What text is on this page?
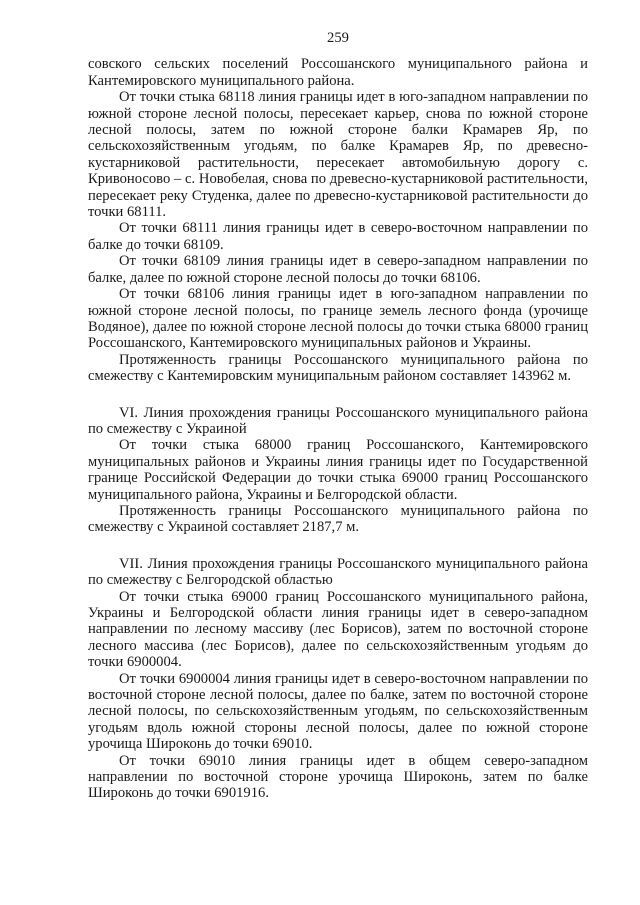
259

совского сельских поселений Россошанского муниципального района и Кантемировского муниципального района.

От точки стыка 68118 линия границы идет в юго-западном направлении по южной стороне лесной полосы, пересекает карьер, снова по южной стороне лесной полосы, затем по южной стороне балки Крамарев Яр, по сельскохозяйственным угодьям, по балке Крамарев Яр, по древесно-кустарниковой растительности, пересекает автомобильную дорогу с. Кривоносово – с. Новобелая, снова по древесно-кустарниковой растительности, пересекает реку Студенка, далее по древесно-кустарниковой растительности до точки 68111.

От точки 68111 линия границы идет в северо-восточном направлении по балке до точки 68109.

От точки 68109 линия границы идет в северо-западном направлении по балке, далее по южной стороне лесной полосы до точки 68106.

От точки 68106 линия границы идет в юго-западном направлении по южной стороне лесной полосы, по границе земель лесного фонда (урочище Водяное), далее по южной стороне лесной полосы до точки стыка 68000 границ Россошанского, Кантемировского муниципальных районов и Украины.

Протяженность границы Россошанского муниципального района по смежеству с Кантемировским муниципальным районом составляет 143962 м.

VI. Линия прохождения границы Россошанского муниципального района по смежеству с Украиной

От точки стыка 68000 границ Россошанского, Кантемировского муниципальных районов и Украины линия границы идет по Государственной границе Российской Федерации до точки стыка 69000 границ Россошанского муниципального района, Украины и Белгородской области.

Протяженность границы Россошанского муниципального района по смежеству с Украиной составляет 2187,7 м.

VII. Линия прохождения границы Россошанского муниципального района по смежеству с Белгородской областью

От точки стыка 69000 границ Россошанского муниципального района, Украины и Белгородской области линия границы идет в северо-западном направлении по лесному массиву (лес Борисов), затем по восточной стороне лесного массива (лес Борисов), далее по сельскохозяйственным угодьям до точки 6900004.

От точки 6900004 линия границы идет в северо-восточном направлении по восточной стороне лесной полосы, далее по балке, затем по восточной стороне лесной полосы, по сельскохозяйственным угодьям, по сельскохозяйственным угодьям вдоль южной стороны лесной полосы, далее по южной стороне урочища Широконь до точки 69010.

От точки 69010 линия границы идет в общем северо-западном направлении по восточной стороне урочища Широконь, затем по балке Широконь до точки 6901916.
